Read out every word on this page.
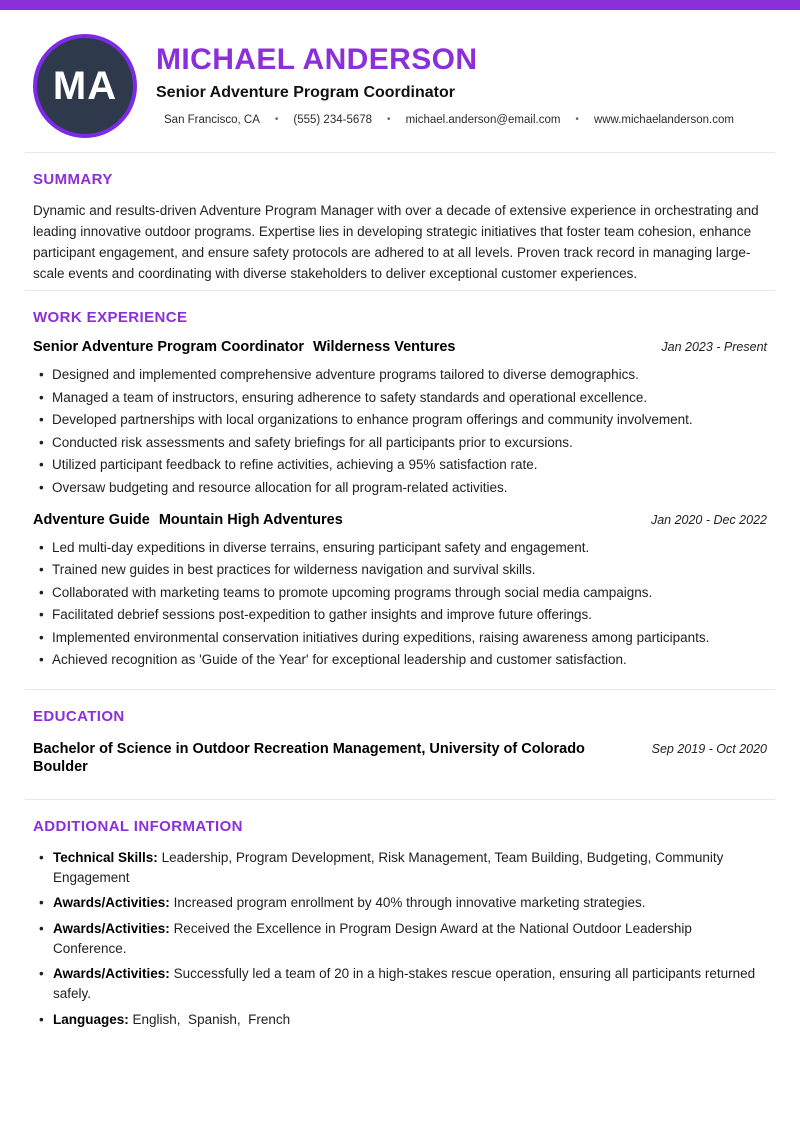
MA
MICHAEL ANDERSON
Senior Adventure Program Coordinator
San Francisco, CA • (555) 234-5678 • michael.anderson@email.com • www.michaelanderson.com
SUMMARY

Dynamic and results-driven Adventure Program Manager with over a decade of extensive experience in orchestrating and leading innovative outdoor programs. Expertise lies in developing strategic initiatives that foster team cohesion, enhance participant engagement, and ensure safety protocols are adhered to at all levels. Proven track record in managing large-scale events and coordinating with diverse stakeholders to deliver exceptional customer experiences.

WORK EXPERIENCE
Senior Adventure Program Coordinator Wilderness Ventures	Jan 2023 - Present
• Designed and implemented comprehensive adventure programs tailored to diverse demographics.
• Managed a team of instructors, ensuring adherence to safety standards and operational excellence.
• Developed partnerships with local organizations to enhance program offerings and community involvement.
• Conducted risk assessments and safety briefings for all participants prior to excursions.
• Utilized participant feedback to refine activities, achieving a 95% satisfaction rate.
• Oversaw budgeting and resource allocation for all program-related activities.
Adventure Guide Mountain High Adventures	Jan 2020 - Dec 2022
• Led multi-day expeditions in diverse terrains, ensuring participant safety and engagement.
• Trained new guides in best practices for wilderness navigation and survival skills.
• Collaborated with marketing teams to promote upcoming programs through social media campaigns.
• Facilitated debrief sessions post-expedition to gather insights and improve future offerings.
• Implemented environmental conservation initiatives during expeditions, raising awareness among participants.
• Achieved recognition as 'Guide of the Year' for exceptional leadership and customer satisfaction.
EDUCATION
Bachelor of Science in Outdoor Recreation Management, University of Colorado Boulder
Sep 2019 - Oct 2020
ADDITIONAL INFORMATION
• Technical Skills: Leadership, Program Development, Risk Management, Team Building, Budgeting, Community Engagement
• Awards/Activities: Increased program enrollment by 40% through innovative marketing strategies.
• Awards/Activities: Received the Excellence in Program Design Award at the National Outdoor Leadership Conference.
• Awards/Activities: Successfully led a team of 20 in a high-stakes rescue operation, ensuring all participants returned safely.
• Languages: English,  Spanish,  French
